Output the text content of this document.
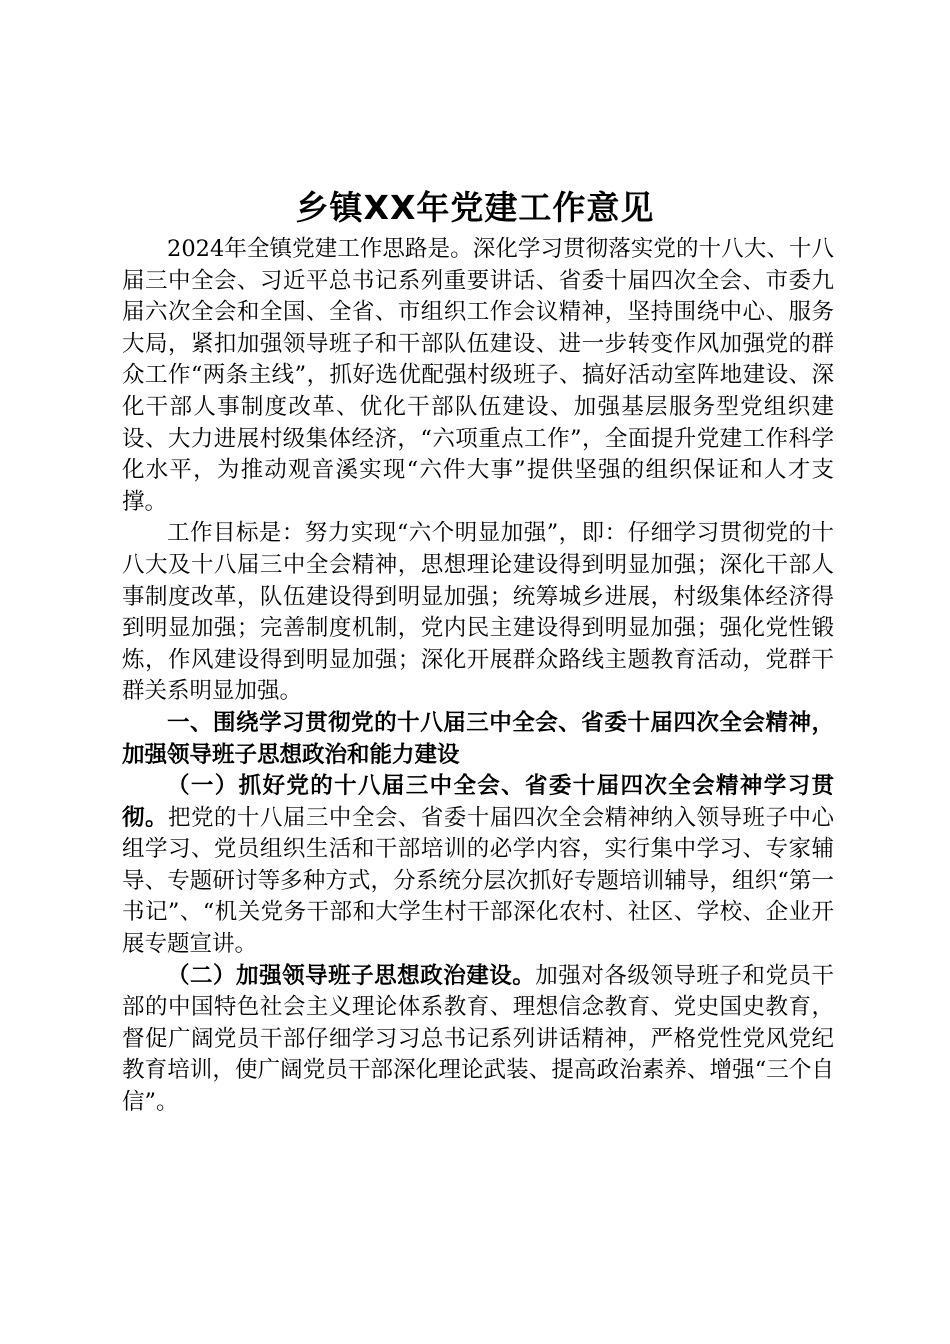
乡镇XX年党建工作意见

2024年全镇党建工作思路是。深化学习贯彻落实党的十八大、十八届三中全会、习近平总书记系列重要讲话、省委十届四次全会、市委九届六次全会和全国、全省、市组织工作会议精神，坚持围绕中心、服务大局，紧扣加强领导班子和干部队伍建设、进一步转变作风加强党的群众工作“两条主线”，抓好选优配强村级班子、搞好活动室阵地建设、深化干部人事制度改革、优化干部队伍建设、加强基层服务型党组织建设、大力进展村级集体经济，“六项重点工作”，全面提升党建工作科学化水平，为推动观音溪实现“六件大事”提供坚强的组织保证和人才支撑。

工作目标是：努力实现“六个明显加强”，即：仔细学习贯彻党的十八大及十八届三中全会精神，思想理论建设得到明显加强；深化干部人事制度改革，队伍建设得到明显加强；统筹城乡进展，村级集体经济得到明显加强；完善制度机制，党内民主建设得到明显加强；强化党性锻炼，作风建设得到明显加强；深化开展群众路线主题教育活动，党群干群关系明显加强。

一、围绕学习贯彻党的十八届三中全会、省委十届四次全会精神，加强领导班子思想政治和能力建设

（一）抓好党的十八届三中全会、省委十届四次全会精神学习贯彻。把党的十八届三中全会、省委十届四次全会精神纳入领导班子中心组学习、党员组织生活和干部培训的必学内容，实行集中学习、专家辅导、专题研讨等多种方式，分系统分层次抓好专题培训辅导，组织“第一书记”、“机关党务干部和大学生村干部深化农村、社区、学校、企业开展专题宣讲。

（二）加强领导班子思想政治建设。加强对各级领导班子和党员干部的中国特色社会主义理论体系教育、理想信念教育、党史国史教育，督促广阔党员干部仔细学习习总书记系列讲话精神，严格党性党风党纪教育培训，使广阔党员干部深化理论武装、提高政治素养、增强“三个自信”。
